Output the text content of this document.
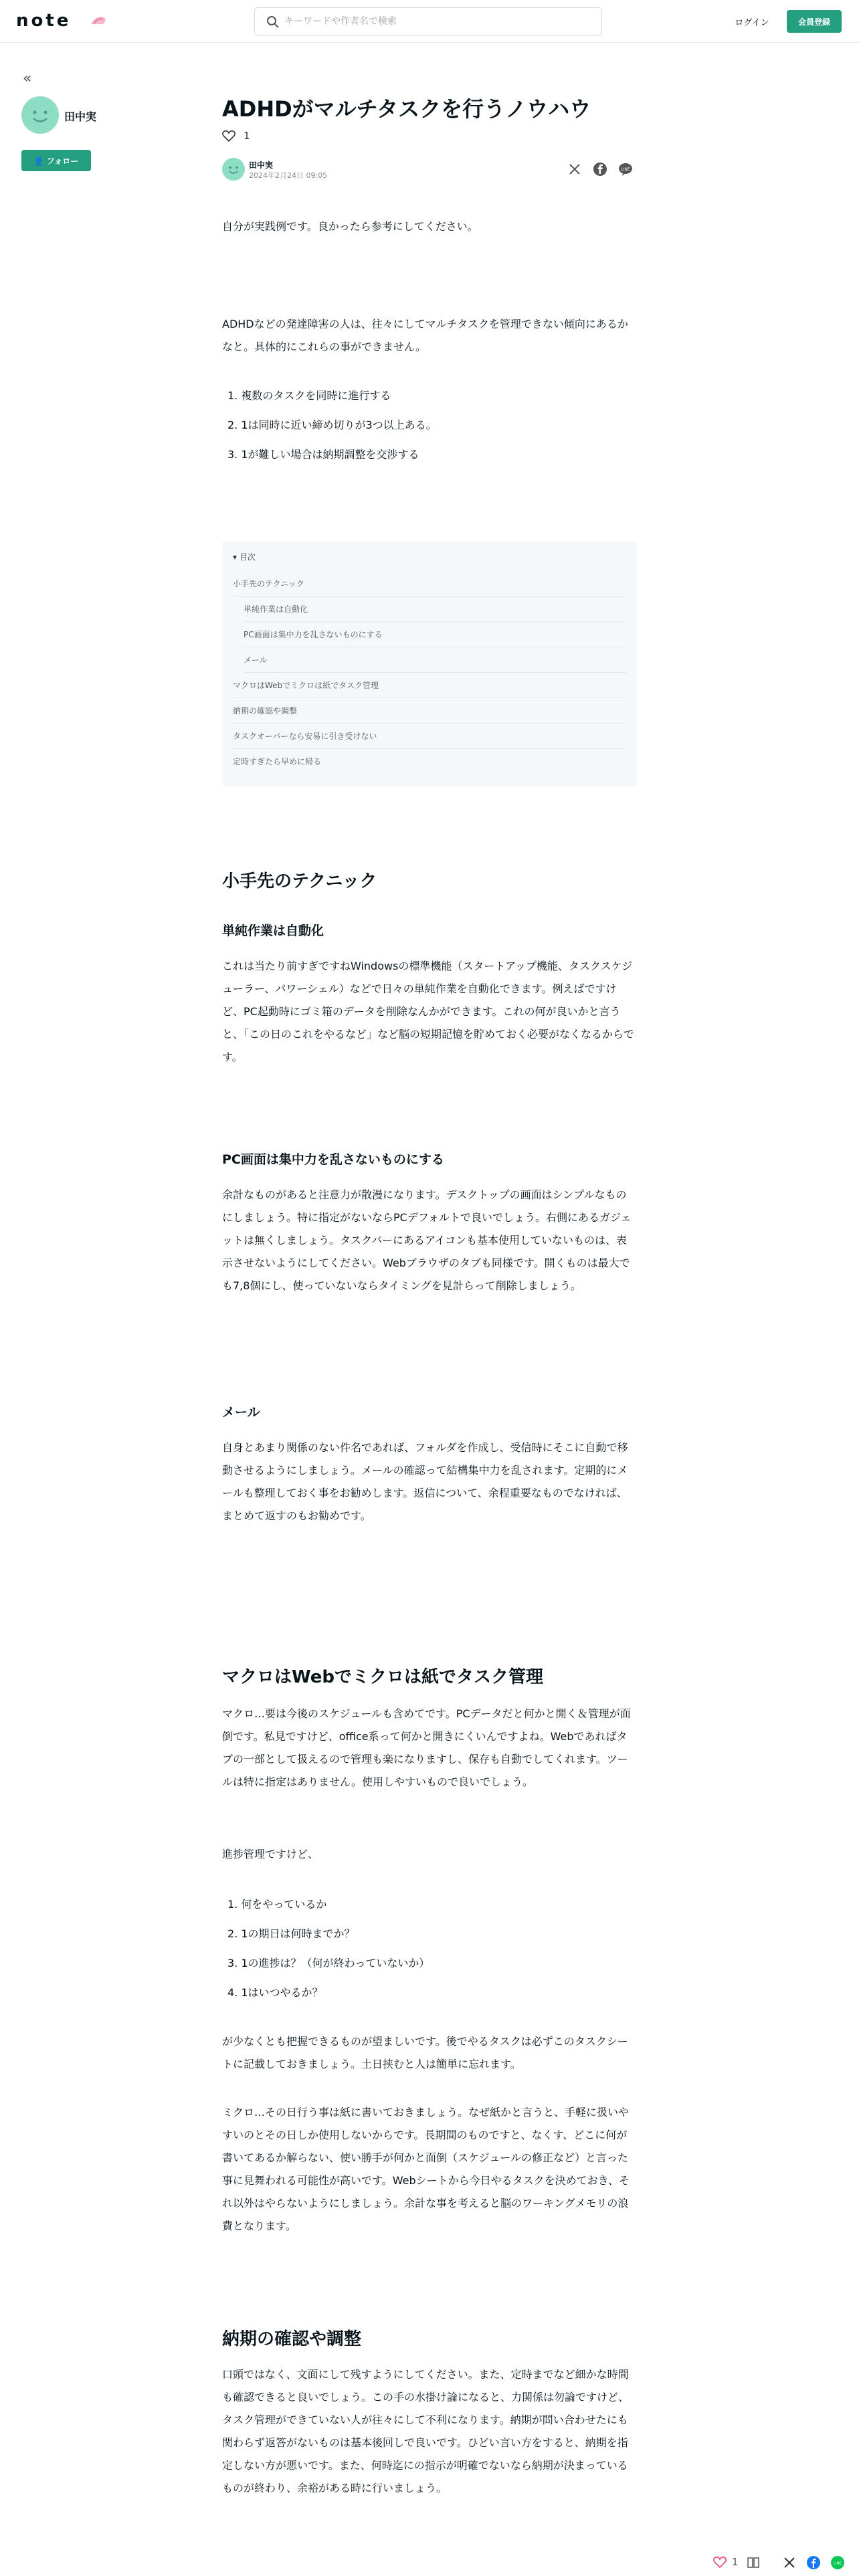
note
キーワードや作者名で検索	ログイン	会員登録
«
田中実
👤 フォロー
ADHDがマルチタスクを行うノウハウ
1
田中実
2024年2月24日 09:05
LINE

自分が実践例です。良かったら参考にしてください。

ADHDなどの発達障害の人は、往々にしてマルチタスクを管理できない傾向にあるかなと。具体的にこれらの事ができません。

1. 複数のタスクを同時に進行する
2. 1は同時に近い締め切りが3つ以上ある。
3. 1が難しい場合は納期調整を交渉する
▾ 目次
小手先のテクニック
単純作業は自動化
PC画面は集中力を乱さないものにする
メール
マクロはWebでミクロは紙でタスク管理
納期の確認や調整
タスクオーバーなら安易に引き受けない
定時すぎたら早めに帰る
小手先のテクニック
単純作業は自動化

これは当たり前すぎですねWindowsの標準機能（スタートアップ機能、タスクスケジューラー、パワーシェル）などで日々の単純作業を自動化できます。例えばですけど、PC起動時にゴミ箱のデータを削除なんかができます。これの何が良いかと言うと、「この日のこれをやるなど」など脳の短期記憶を貯めておく必要がなくなるからです。

PC画面は集中力を乱さないものにする

余計なものがあると注意力が散漫になります。デスクトップの画面はシンプルなものにしましょう。特に指定がないならPCデフォルトで良いでしょう。右側にあるガジェットは無くしましょう。タスクバーにあるアイコンも基本使用していないものは、表示させないようにしてください。Webブラウザのタブも同様です。開くものは最大でも7,8個にし、使っていないならタイミングを見計らって削除しましょう。

メール

自身とあまり関係のない件名であれば、フォルダを作成し、受信時にそこに自動で移動させるようにしましょう。メールの確認って結構集中力を乱されます。定期的にメールも整理しておく事をお勧めします。返信について、余程重要なものでなければ、まとめて返すのもお勧めです。

マクロはWebでミクロは紙でタスク管理

マクロ…要は今後のスケジュールも含めてです。PCデータだと何かと開く＆管理が面倒です。私見ですけど、office系って何かと開きにくいんですよね。Webであればタブの一部として扱えるので管理も楽になりますし、保存も自動でしてくれます。ツールは特に指定はありません。使用しやすいもので良いでしょう。

進捗管理ですけど、

1. 何をやっているか
2. 1の期日は何時までか？
3. 1の進捗は？（何が終わっていないか）
4. 1はいつやるか？

が少なくとも把握できるものが望ましいです。後でやるタスクは必ずこのタスクシートに記載しておきましょう。土日挟むと人は簡単に忘れます。

ミクロ…その日行う事は紙に書いておきましょう。なぜ紙かと言うと、手軽に扱いやすいのとその日しか使用しないからです。長期間のものですと、なくす、どこに何が書いてあるか解らない、使い勝手が何かと面倒（スケジュールの修正など）と言った事に見舞われる可能性が高いです。Webシートから今日やるタスクを決めておき、それ以外はやらないようにしましょう。余計な事を考えると脳のワーキングメモリの浪費となります。

納期の確認や調整

口頭ではなく、文面にして残すようにしてください。また、定時までなど細かな時間も確認できると良いでしょう。この手の水掛け論になると、力関係は勿論ですけど、タスク管理ができていない人が往々にして不利になります。納期が問い合わせたにも関わらず返答がないものは基本後回しで良いです。ひどい言い方をすると、納期を指定しない方が悪いです。また、何時迄にの指示が明確でないなら納期が決まっているものが終わり、余裕がある時に行いましょう。

1	LINE
